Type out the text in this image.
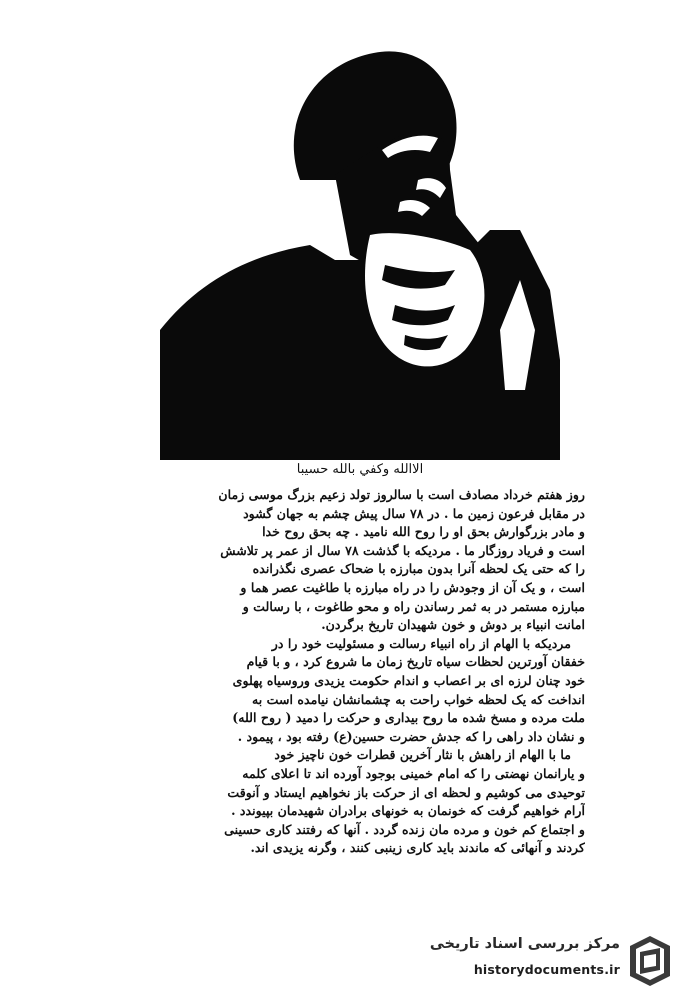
الاالله وكفي بالله حسيبا
روز هفتم خرداد مصادف است با سالروز تولد زعیم بزرگ موسی زمان
در مقابل فرعون زمین ما . در ۷۸ سال پیش چشم به جهان گشود
و مادر بزرگوارش بحق او را روح الله نامید . چه بحق روح خدا
است و فریاد روزگار ما . مردیکه با گذشت ۷۸ سال از عمر پر تلاشش
را که حتی یک لحظه آنرا بدون مبارزه با ضحاک عصری نگذرانده
است ، و یک آن از وجودش را در راه مبارزه با طاغیت عصر هما و
مبارزه مستمر در به ثمر رساندن راه و محو طاغوت ، با رسالت و
امانت انبیاء بر دوش و خون شهیدان تاریخ برگردن.
مردیکه با الهام از راه انبیاء رسالت و مسئولیت خود را در
خفقان آورترین لحظات سیاه تاریخ زمان ما شروع کرد ، و با قیام
خود چنان لرزه ای بر اعصاب و اندام حکومت یزیدی وروسیاه پهلوی
انداخت که یک لحظه خواب راحت به چشمانشان نیامده است به
ملت مرده و مسخ شده ما روح بیداری و حرکت را دمید ( روح الله)
و نشان داد راهی را که جدش حضرت حسین(ع) رفته بود ، پیمود .
ما با الهام از راهش با نثار آخرین قطرات خون ناچیز خود
و یارانمان نهضتی را که امام خمینی بوجود آورده اند تا اعلای کلمه
توحیدی می کوشیم و لحظه ای از حرکت باز نخواهیم ایستاد و آنوقت
آرام خواهیم گرفت که خونمان به خونهای برادران شهیدمان بپیوندد .
و اجتماع کم خون و مرده مان زنده گردد . آنها که رفتند کاری حسینی
کردند و آنهائی که ماندند باید کاری زینبی کنند ، وگرنه یزیدی اند.
مرکز بررسی اسناد تاریخی
historydocuments.ir
